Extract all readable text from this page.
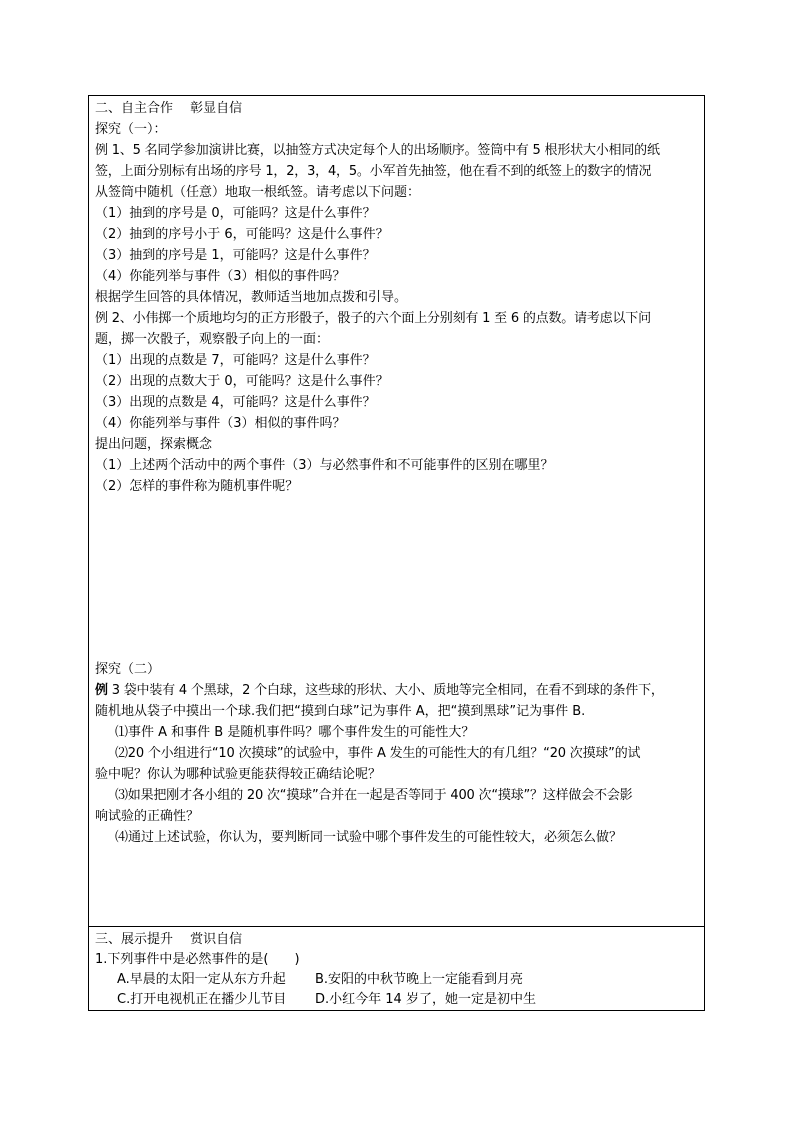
二、自主合作　 彰显自信
探究（一）：
例 1、5 名同学参加演讲比赛，以抽签方式决定每个人的出场顺序。签筒中有 5 根形状大小相同的纸
签，上面分别标有出场的序号 1，2，3，4，5。小军首先抽签，他在看不到的纸签上的数字的情况
从签筒中随机（任意）地取一根纸签。请考虑以下问题：
（1）抽到的序号是 0，可能吗？这是什么事件？
（2）抽到的序号小于 6，可能吗？这是什么事件？
（3）抽到的序号是 1，可能吗？这是什么事件？
（4）你能列举与事件（3）相似的事件吗？
根据学生回答的具体情况，教师适当地加点拨和引导。
例 2、小伟掷一个质地均匀的正方形骰子，骰子的六个面上分别刻有 1 至 6 的点数。请考虑以下问
题，掷一次骰子，观察骰子向上的一面：
（1）出现的点数是 7，可能吗？这是什么事件？
（2）出现的点数大于 0，可能吗？这是什么事件？
（3）出现的点数是 4，可能吗？这是什么事件？
（4）你能列举与事件（3）相似的事件吗？
提出问题，探索概念
（1）上述两个活动中的两个事件（3）与必然事件和不可能事件的区别在哪里？
（2）怎样的事件称为随机事件呢？
探究（二）
例 3 袋中装有 4 个黑球，2 个白球，这些球的形状、大小、质地等完全相同，在看不到球的条件下，
随机地从袋子中摸出一个球.我们把“摸到白球”记为事件 A，把“摸到黑球”记为事件 B.
⑴事件 A 和事件 B 是随机事件吗？哪个事件发生的可能性大？
⑵20 个小组进行“10 次摸球”的试验中，事件 A 发生的可能性大的有几组？“20 次摸球”的试
验中呢？你认为哪种试验更能获得较正确结论呢？
⑶如果把刚才各小组的 20 次“摸球”合并在一起是否等同于 400 次“摸球”？这样做会不会影
响试验的正确性？
⑷通过上述试验，你认为，要判断同一试验中哪个事件发生的可能性较大，必须怎么做？
三、展示提升　 赏识自信
1.下列事件中是必然事件的是(　　)
A.早晨的太阳一定从东方升起	B.安阳的中秋节晚上一定能看到月亮
C.打开电视机正在播少儿节目	D.小红今年 14 岁了，她一定是初中生
